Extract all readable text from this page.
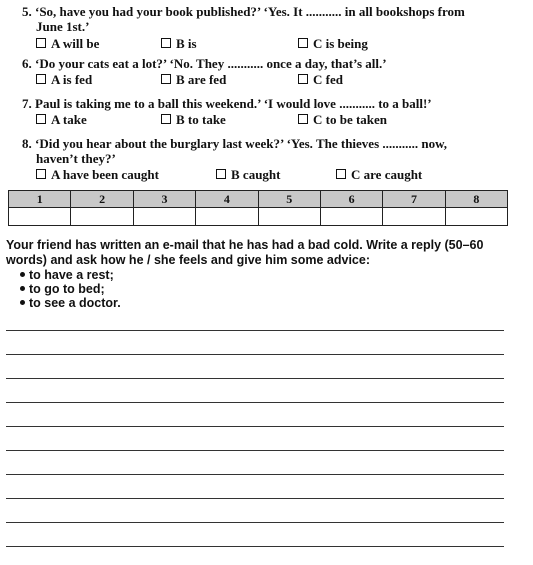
5. ‘So, have you had your book published?’ ‘Yes. It ........... in all bookshops from
June 1st.’
A will be	B is	C is being
6. ‘Do your cats eat a lot?’ ‘No. They ........... once a day, that’s all.’
A is fed	B are fed	C fed
7. Paul is taking me to a ball this weekend.’ ‘I would love ........... to a ball!’
A take	B to take	C to be taken
8. ‘Did you hear about the burglary last week?’ ‘Yes. The thieves ........... now,
haven’t they?’
A have been caught	B caught	C are caught
1	2	3	4	5	6	7	8

Your friend has written an e-mail that he has had a bad cold. Write a reply (50–60 words) and ask how he / she feels and give him some advice:
to have a rest;
to go to bed;
to see a doctor.
